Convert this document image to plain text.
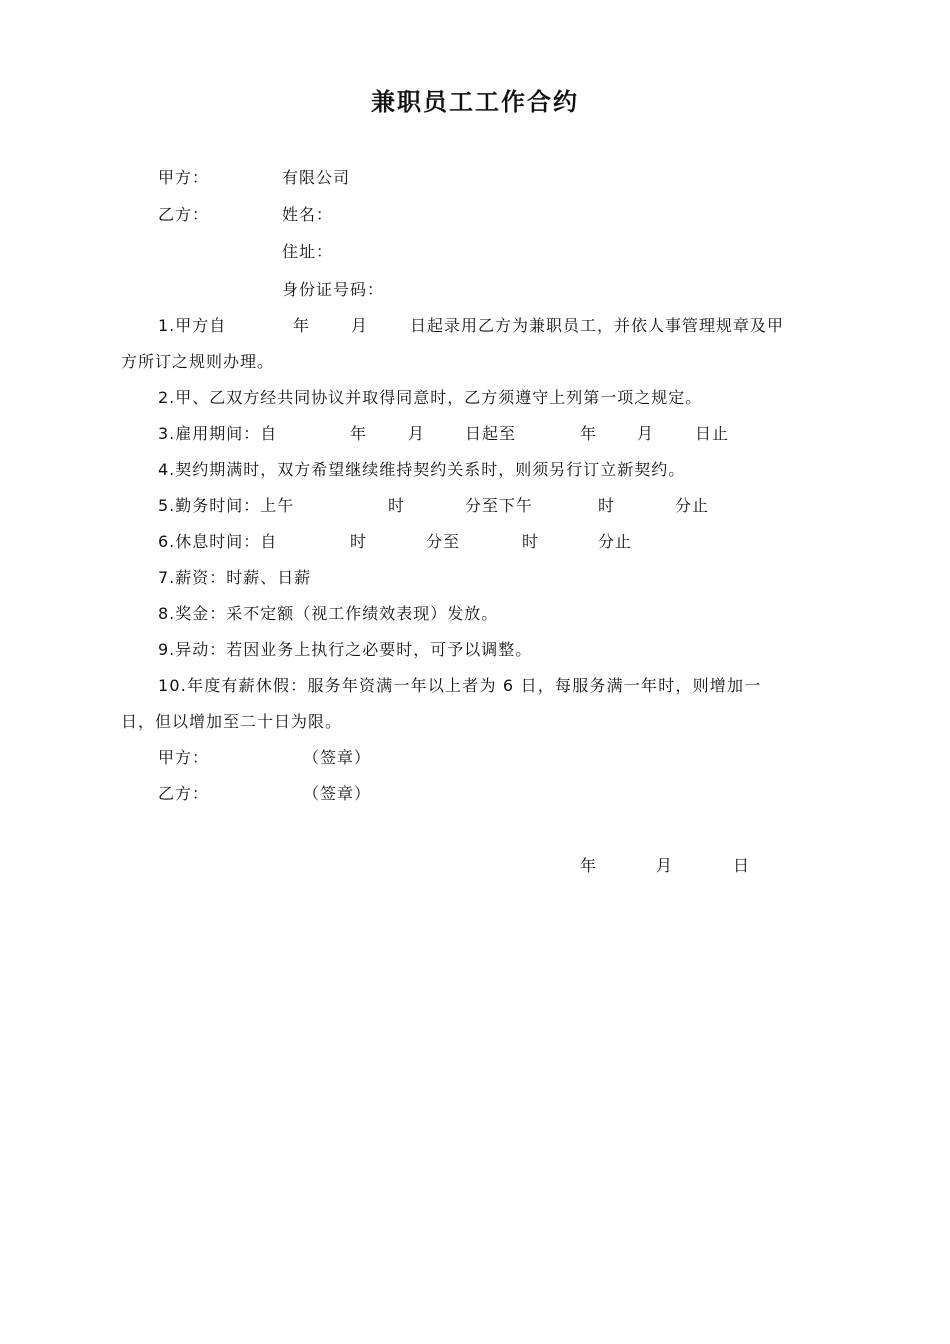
兼职员工工作合约
甲方：	有限公司
乙方：	姓名：
住址：
身份证号码：
1.甲方自	年	月	日起录用乙方为兼职员工，并依人事管理规章及甲
方所订之规则办理。
2.甲、乙双方经共同协议并取得同意时，乙方须遵守上列第一项之规定。
3.雇用期间：自	年	月 日起至	年 月	日止
4.契约期满时，双方希望继续维持契约关系时，则须另行订立新契约。
5.勤务时间：上午	时	分至下午	时	分止
6.休息时间：自	时	分至	时	分止
7.薪资：时薪、日薪
8.奖金：采不定额（视工作绩效表现）发放。
9.异动：若因业务上执行之必要时，可予以调整。
10.年度有薪休假：服务年资满一年以上者为 6 日，每服务满一年时，则增加一
日，但以增加至二十日为限。
甲方：	（签章）
乙方：	（签章）
年	月	日
